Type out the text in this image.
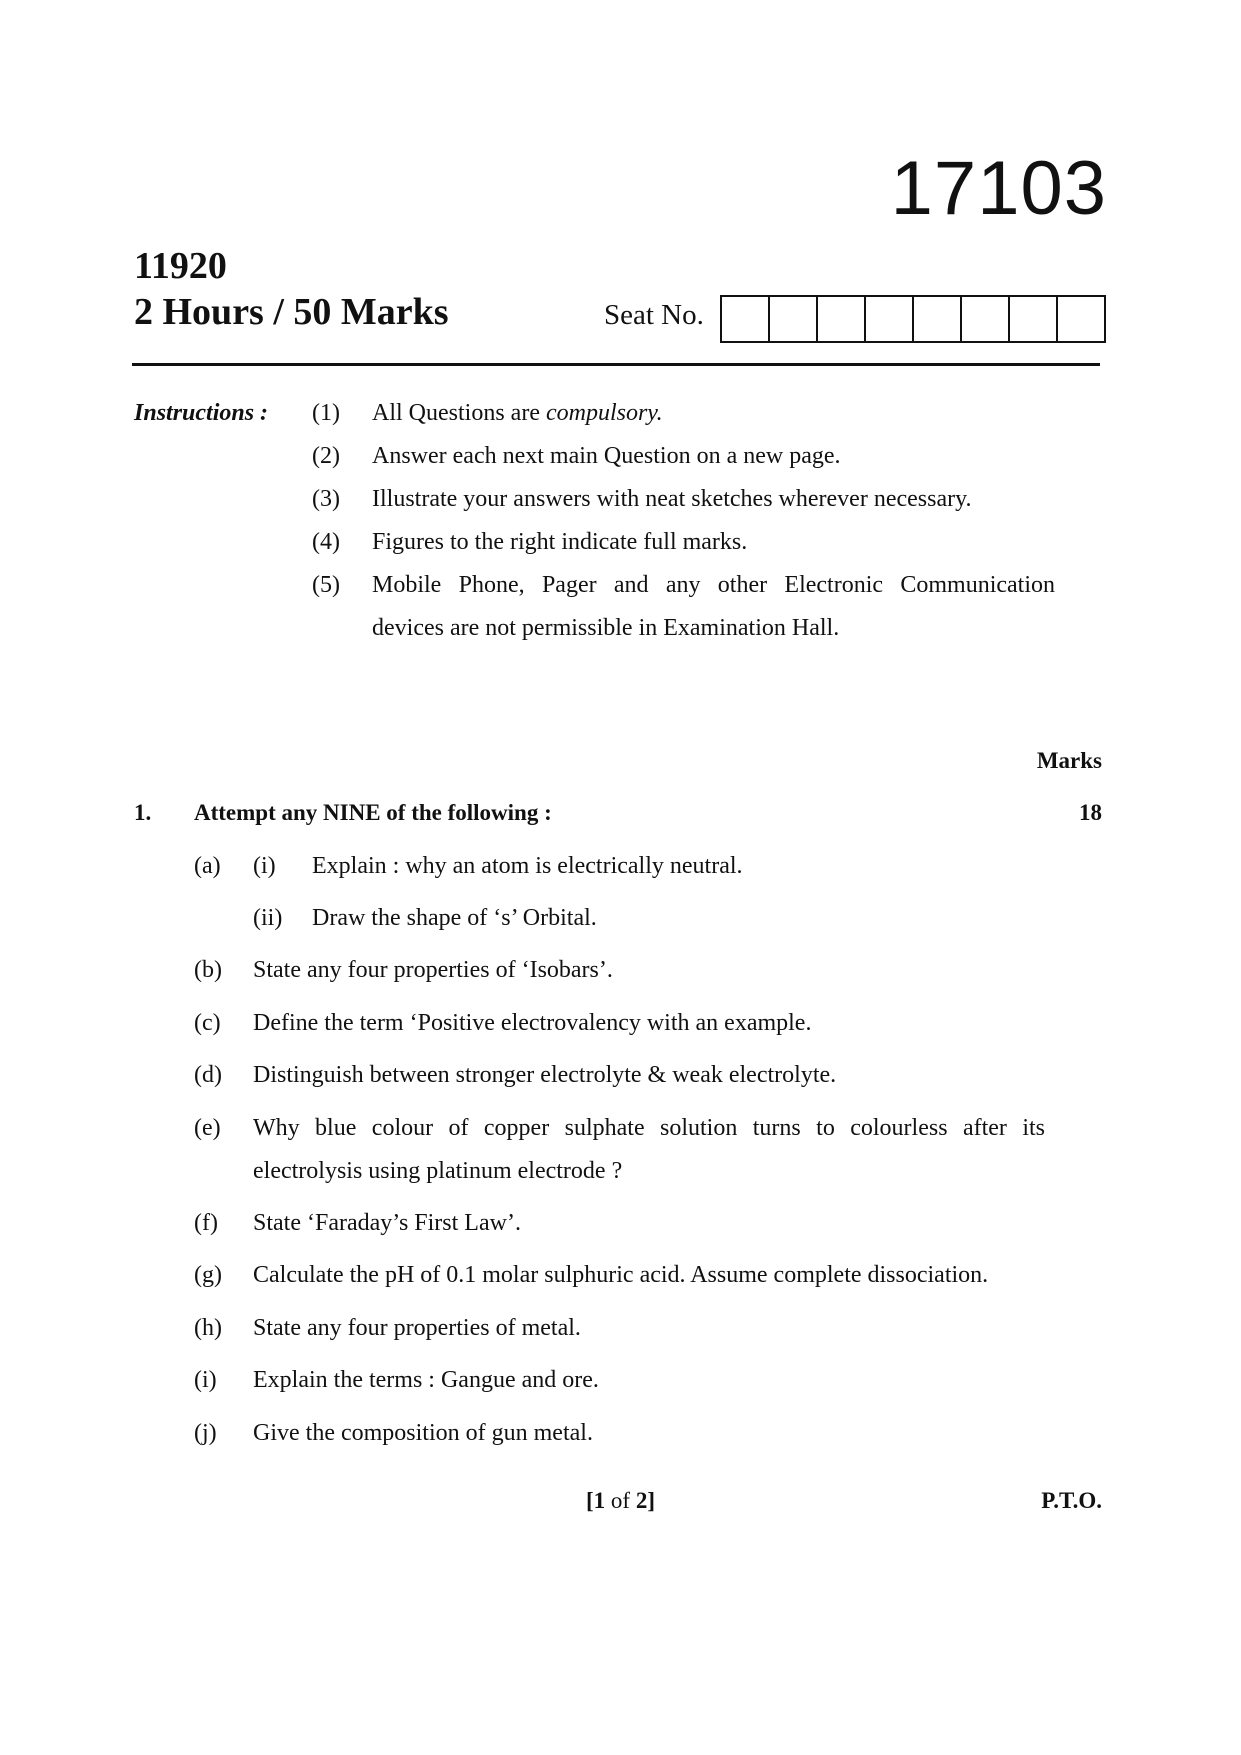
17103
11920
2 Hours / 50 Marks	Seat No.
Instructions : (1) All Questions are compulsory.
(2) Answer each next main Question on a new page.
(3) Illustrate your answers with neat sketches wherever necessary.
(4) Figures to the right indicate full marks.
(5) Mobile Phone, Pager and any other Electronic Communication
devices are not permissible in Examination Hall.
Marks
1. Attempt any NINE of the following :	18
(a) (i) Explain : why an atom is electrically neutral.
(ii) Draw the shape of ‘s’ Orbital.
(b) State any four properties of ‘Isobars’.
(c) Define the term ‘Positive electrovalency with an example.
(d) Distinguish between stronger electrolyte & weak electrolyte.
(e) Why blue colour of copper sulphate solution turns to colourless after its
electrolysis using platinum electrode ?
(f) State ‘Faraday’s First Law’.
(g) Calculate the pH of 0.1 molar sulphuric acid. Assume complete dissociation.
(h) State any four properties of metal.
(i) Explain the terms : Gangue and ore.
(j) Give the composition of gun metal.
[1 of 2]	P.T.O.
